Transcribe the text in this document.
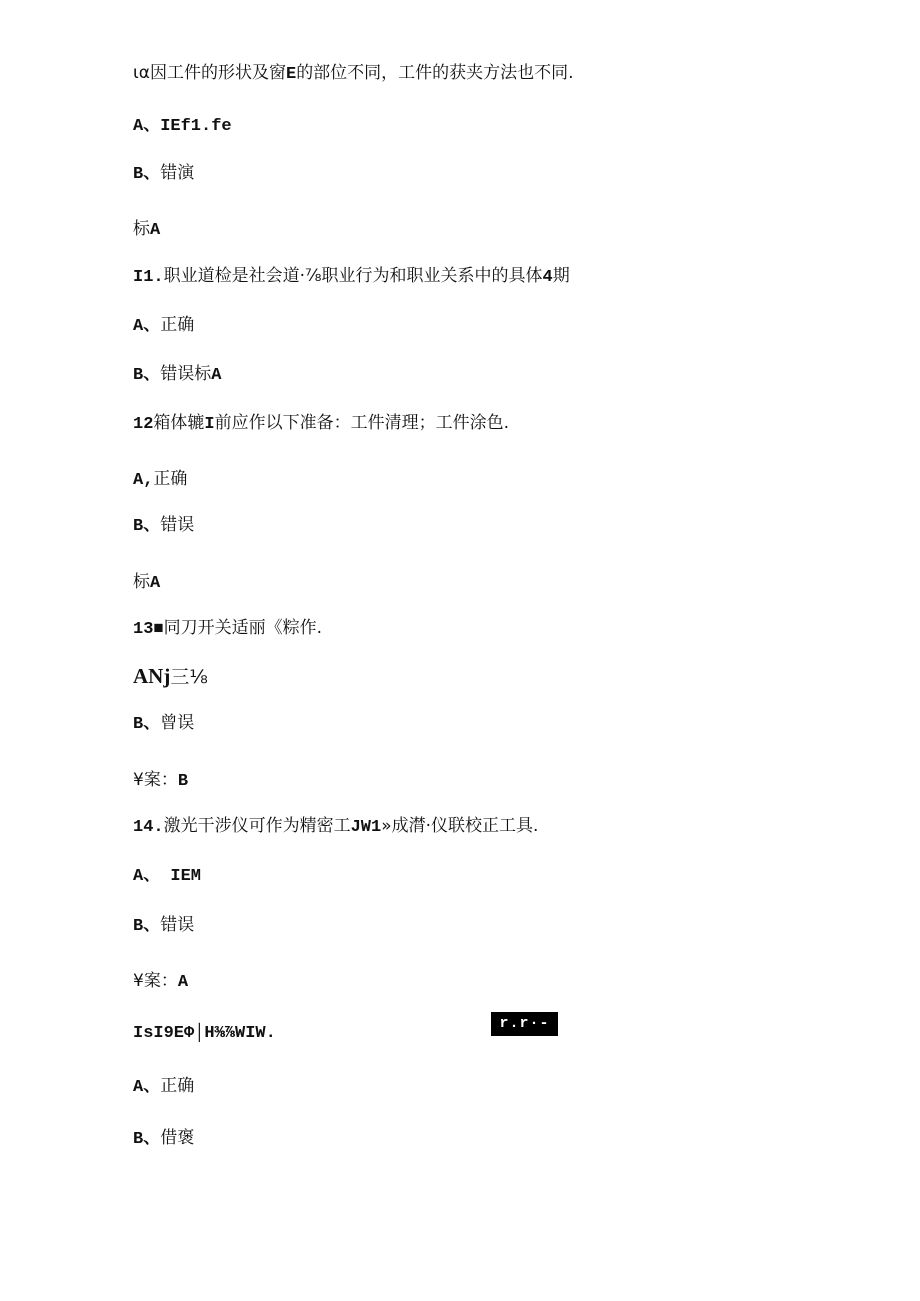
ια因工件的形状及窗E的部位不同，工件的获夹方法也不同.
A、IEf1.fe
B、错演
标A
I1.职业道检是社会道·⅞职业行为和职业关系中的具体4期
A、正确
B、错误标A
12箱体辘I前应作以下准备：工件清理；工件涂色.
A,正确
B、错误
标A
13■同刀开关适丽《粽作.
ANj三⅛
B、曾误
¥案：B
14.激光干涉仪可作为精密工JW1»成潸·仪联校正工具.
A、 IEM
B、错误
¥案：A
IsI9EΦ│H⅜⅞WIW.
r.r·-
A、正确
B、借褒
